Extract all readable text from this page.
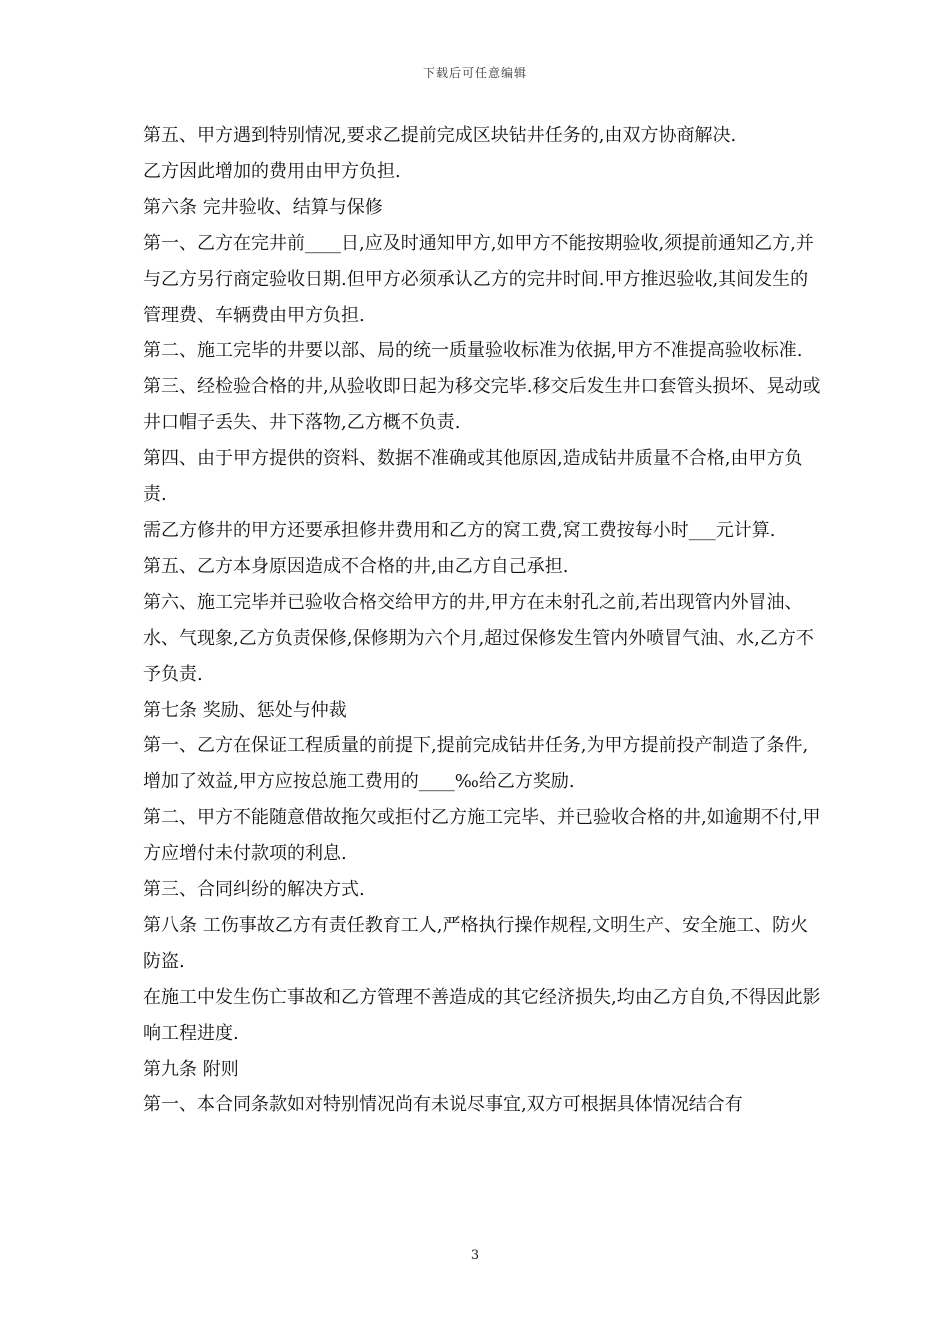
下载后可任意编辑

第五、甲方遇到特别情况,要求乙提前完成区块钻井任务的,由双方协商解决.

乙方因此增加的费用由甲方负担.

第六条 完井验收、结算与保修

第一、乙方在完井前____日,应及时通知甲方,如甲方不能按期验收,须提前通知乙方,并与乙方另行商定验收日期.但甲方必须承认乙方的完井时间.甲方推迟验收,其间发生的管理费、车辆费由甲方负担.

第二、施工完毕的井要以部、局的统一质量验收标准为依据,甲方不准提高验收标准.

第三、经检验合格的井,从验收即日起为移交完毕.移交后发生井口套管头损坏、晃动或井口帽子丢失、井下落物,乙方概不负责.

第四、由于甲方提供的资料、数据不准确或其他原因,造成钻井质量不合格,由甲方负责.

需乙方修井的甲方还要承担修井费用和乙方的窝工费,窝工费按每小时___元计算.

第五、乙方本身原因造成不合格的井,由乙方自己承担.

第六、施工完毕并已验收合格交给甲方的井,甲方在未射孔之前,若出现管内外冒油、水、气现象,乙方负责保修,保修期为六个月,超过保修发生管内外喷冒气油、水,乙方不予负责.

第七条 奖励、惩处与仲裁

第一、乙方在保证工程质量的前提下,提前完成钻井任务,为甲方提前投产制造了条件,增加了效益,甲方应按总施工费用的____‰给乙方奖励.

第二、甲方不能随意借故拖欠或拒付乙方施工完毕、并已验收合格的井,如逾期不付,甲方应增付未付款项的利息.

第三、合同纠纷的解决方式.

第八条 工伤事故乙方有责任教育工人,严格执行操作规程,文明生产、安全施工、防火防盗.

在施工中发生伤亡事故和乙方管理不善造成的其它经济损失,均由乙方自负,不得因此影响工程进度.

第九条 附则

第一、本合同条款如对特别情况尚有未说尽事宜,双方可根据具体情况结合有

3
